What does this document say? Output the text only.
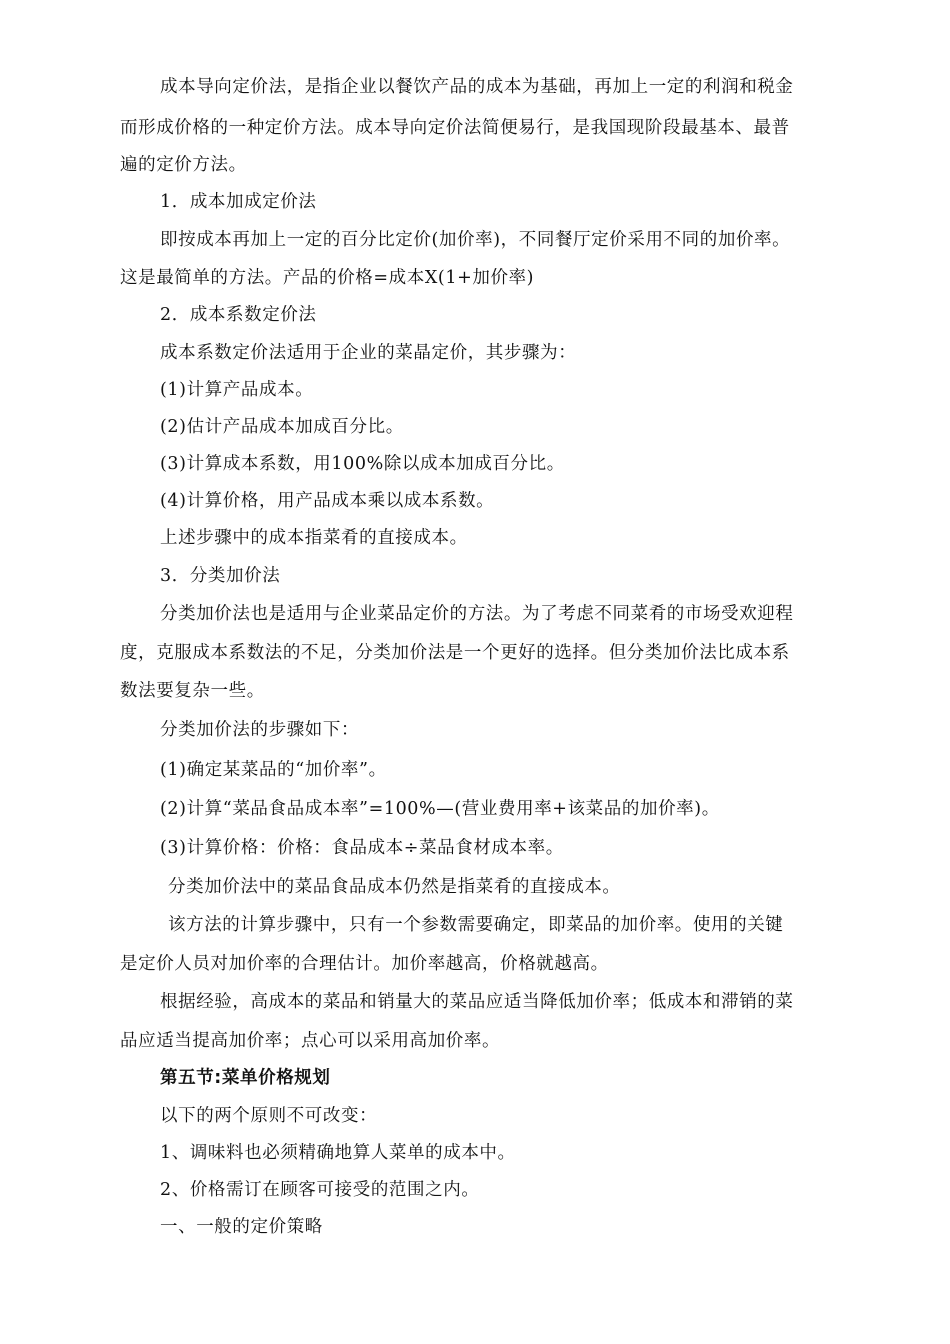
成本导向定价法，是指企业以餐饮产品的成本为基础，再加上一定的利润和税金
而形成价格的一种定价方法。成本导向定价法简便易行，是我国现阶段最基本、最普
遍的定价方法。
1．成本加成定价法
即按成本再加上一定的百分比定价(加价率)，不同餐厅定价采用不同的加价率。
这是最简单的方法。产品的价格=成本X(1+加价率)
2．成本系数定价法
成本系数定价法适用于企业的菜晶定价，其步骤为：
(1)计算产品成本。
(2)估计产品成本加成百分比。
(3)计算成本系数，用100%除以成本加成百分比。
(4)计算价格，用产品成本乘以成本系数。
上述步骤中的成本指菜肴的直接成本。
3．分类加价法
分类加价法也是适用与企业菜品定价的方法。为了考虑不同菜肴的市场受欢迎程
度，克服成本系数法的不足，分类加价法是一个更好的选择。但分类加价法比成本系
数法要复杂一些。
分类加价法的步骤如下：
(1)确定某菜品的“加价率”。
(2)计算“菜品食品成本率”=100%—(营业费用率+该菜品的加价率)。
(3)计算价格：价格：食品成本÷菜品食材成本率。
分类加价法中的菜品食品成本仍然是指菜肴的直接成本。
该方法的计算步骤中，只有一个参数需要确定，即菜品的加价率。使用的关键
是定价人员对加价率的合理估计。加价率越高，价格就越高。
根据经验，高成本的菜品和销量大的菜品应适当降低加价率；低成本和滞销的菜
品应适当提高加价率；点心可以采用高加价率。
第五节:菜单价格规划
以下的两个原则不可改变：
1、调味料也必须精确地算人菜单的成本中。
2、价格需订在顾客可接受的范围之内。
一、一般的定价策略
